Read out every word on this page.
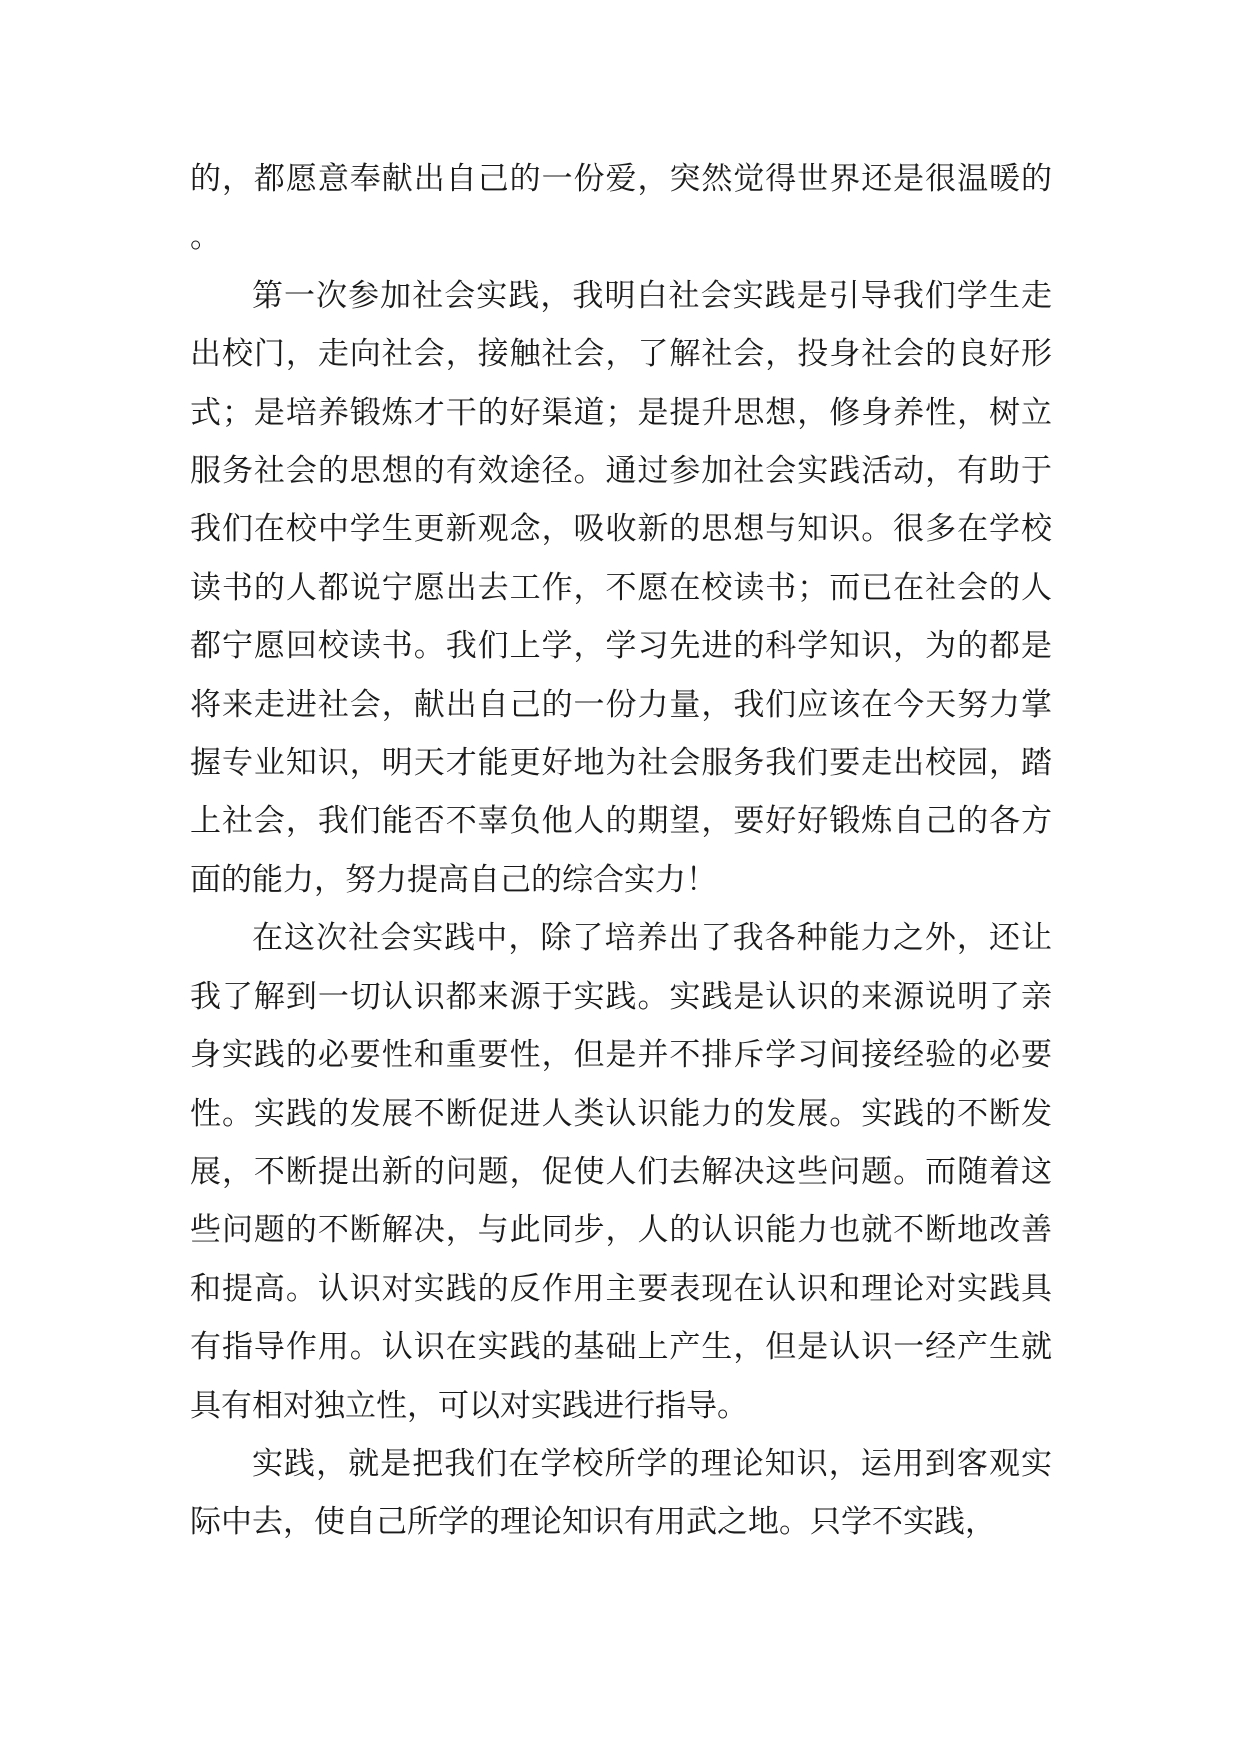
的，都愿意奉献出自己的一份爱，突然觉得世界还是很温暖的。

第一次参加社会实践，我明白社会实践是引导我们学生走出校门，走向社会，接触社会，了解社会，投身社会的良好形式；是培养锻炼才干的好渠道；是提升思想，修身养性，树立服务社会的思想的有效途径。通过参加社会实践活动，有助于我们在校中学生更新观念，吸收新的思想与知识。很多在学校读书的人都说宁愿出去工作，不愿在校读书；而已在社会的人都宁愿回校读书。我们上学，学习先进的科学知识，为的都是将来走进社会，献出自己的一份力量，我们应该在今天努力掌握专业知识，明天才能更好地为社会服务我们要走出校园，踏上社会，我们能否不辜负他人的期望，要好好锻炼自己的各方面的能力，努力提高自己的综合实力！

在这次社会实践中，除了培养出了我各种能力之外，还让我了解到一切认识都来源于实践。实践是认识的来源说明了亲身实践的必要性和重要性，但是并不排斥学习间接经验的必要性。实践的发展不断促进人类认识能力的发展。实践的不断发展，不断提出新的问题，促使人们去解决这些问题。而随着这些问题的不断解决，与此同步，人的认识能力也就不断地改善和提高。认识对实践的反作用主要表现在认识和理论对实践具有指导作用。认识在实践的基础上产生，但是认识一经产生就具有相对独立性，可以对实践进行指导。

实践，就是把我们在学校所学的理论知识，运用到客观实际中去，使自己所学的理论知识有用武之地。只学不实践，
